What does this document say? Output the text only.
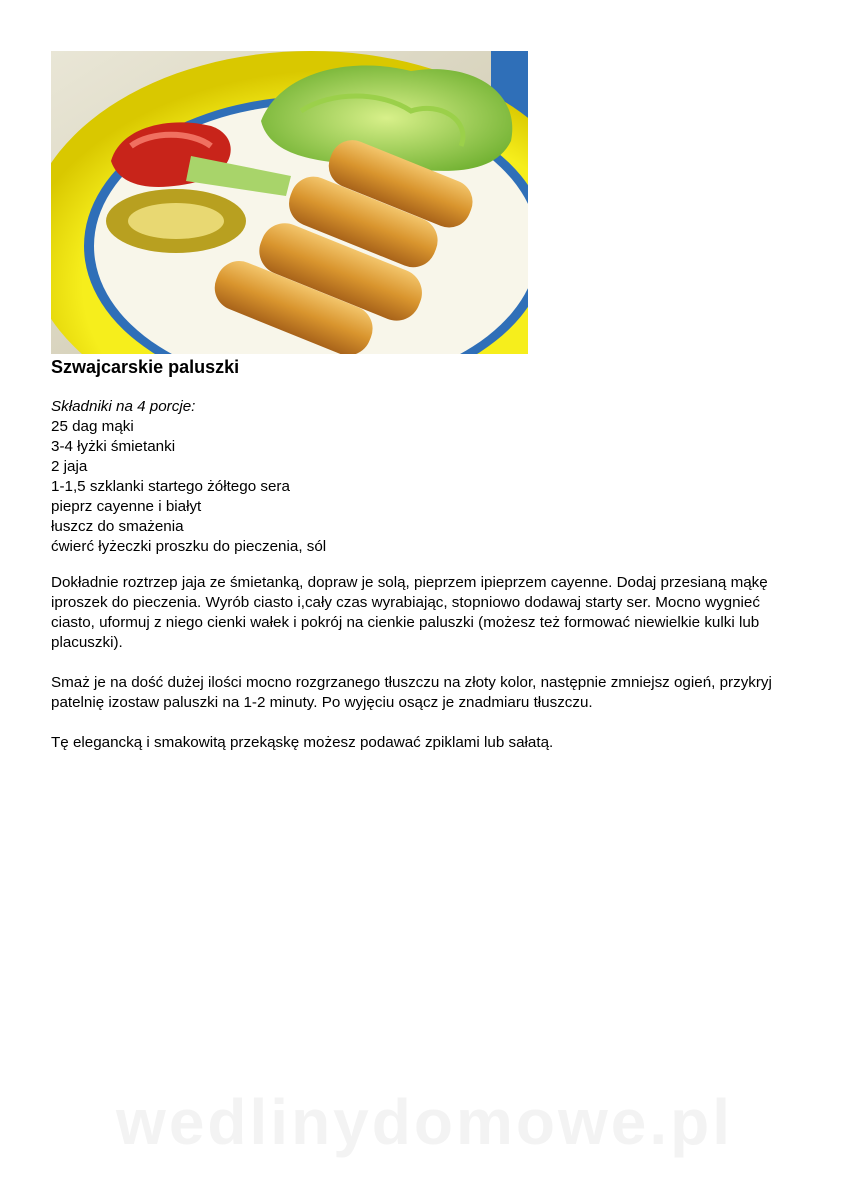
Szwajcarskie paluszki
Składniki na 4 porcje:
25 dag mąki
3-4 łyżki śmietanki
2 jaja
1-1,5 szklanki startego żółtego sera
pieprz cayenne i białyt
łuszcz do smażenia
ćwierć łyżeczki proszku do pieczenia, sól

Dokładnie roztrzep jaja ze śmietanką, dopraw je solą, pieprzem ipieprzem cayenne. Dodaj przesianą mąkę iproszek do pieczenia. Wyrób ciasto i,cały czas wyrabiając, stopniowo dodawaj starty ser. Mocno wygnieć ciasto, uformuj z niego cienki wałek i pokrój na cienkie paluszki (możesz też formować niewielkie kulki lub placuszki).

Smaż je na dość dużej ilości mocno rozgrzanego tłuszczu na złoty kolor, następnie zmniejsz ogień, przykryj patelnię izostaw paluszki na 1-2 minuty. Po wyjęciu osącz je znadmiaru tłuszczu.

Tę elegancką i smakowitą przekąskę możesz podawać zpiklami lub sałatą.

wedlinydomowe.pl
